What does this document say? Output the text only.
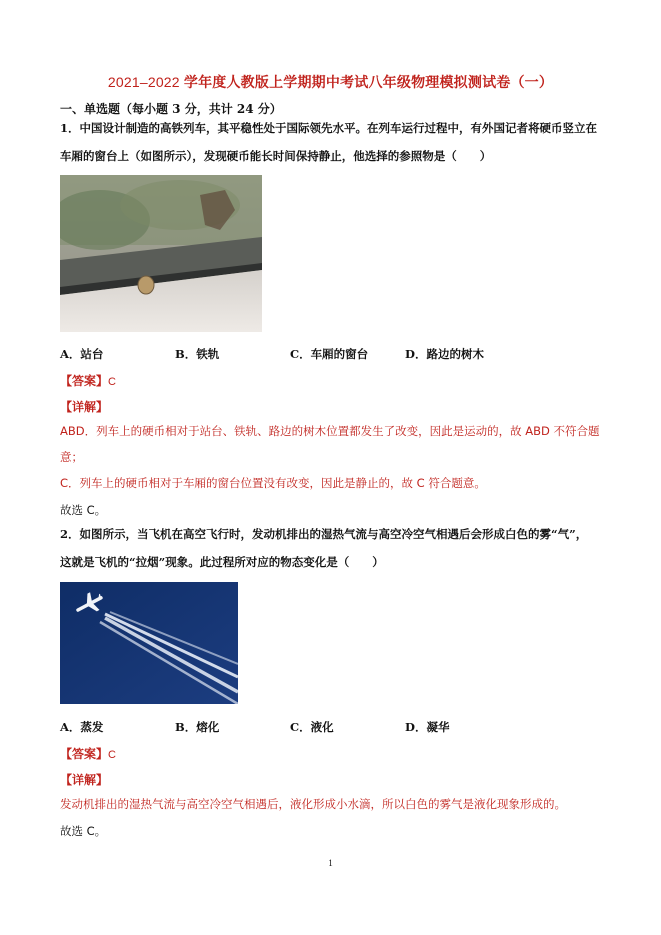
2021–2022 学年度人教版上学期期中考试八年级物理模拟测试卷（一）
一、单选题（每小题 3 分，共计 24 分）
1．中国设计制造的高铁列车，其平稳性处于国际领先水平。在列车运行过程中，有外国记者将硬币竖立在
车厢的窗台上（如图所示），发现硬币能长时间保持静止，他选择的参照物是（　　）
A．站台	B．铁轨	C．车厢的窗台	D．路边的树木
【答案】C
【详解】
ABD．列车上的硬币相对于站台、铁轨、路边的树木位置都发生了改变，因此是运动的，故 ABD 不符合题
意；
C．列车上的硬币相对于车厢的窗台位置没有改变，因此是静止的，故 C 符合题意。
故选 C。
2．如图所示，当飞机在高空飞行时，发动机排出的湿热气流与高空冷空气相遇后会形成白色的雾“气”，
这就是飞机的“拉烟”现象。此过程所对应的物态变化是（　　）
A．蒸发	B．熔化	C．液化	D．凝华
【答案】C
【详解】
发动机排出的湿热气流与高空冷空气相遇后，液化形成小水滴，所以白色的雾气是液化现象形成的。
故选 C。
1
